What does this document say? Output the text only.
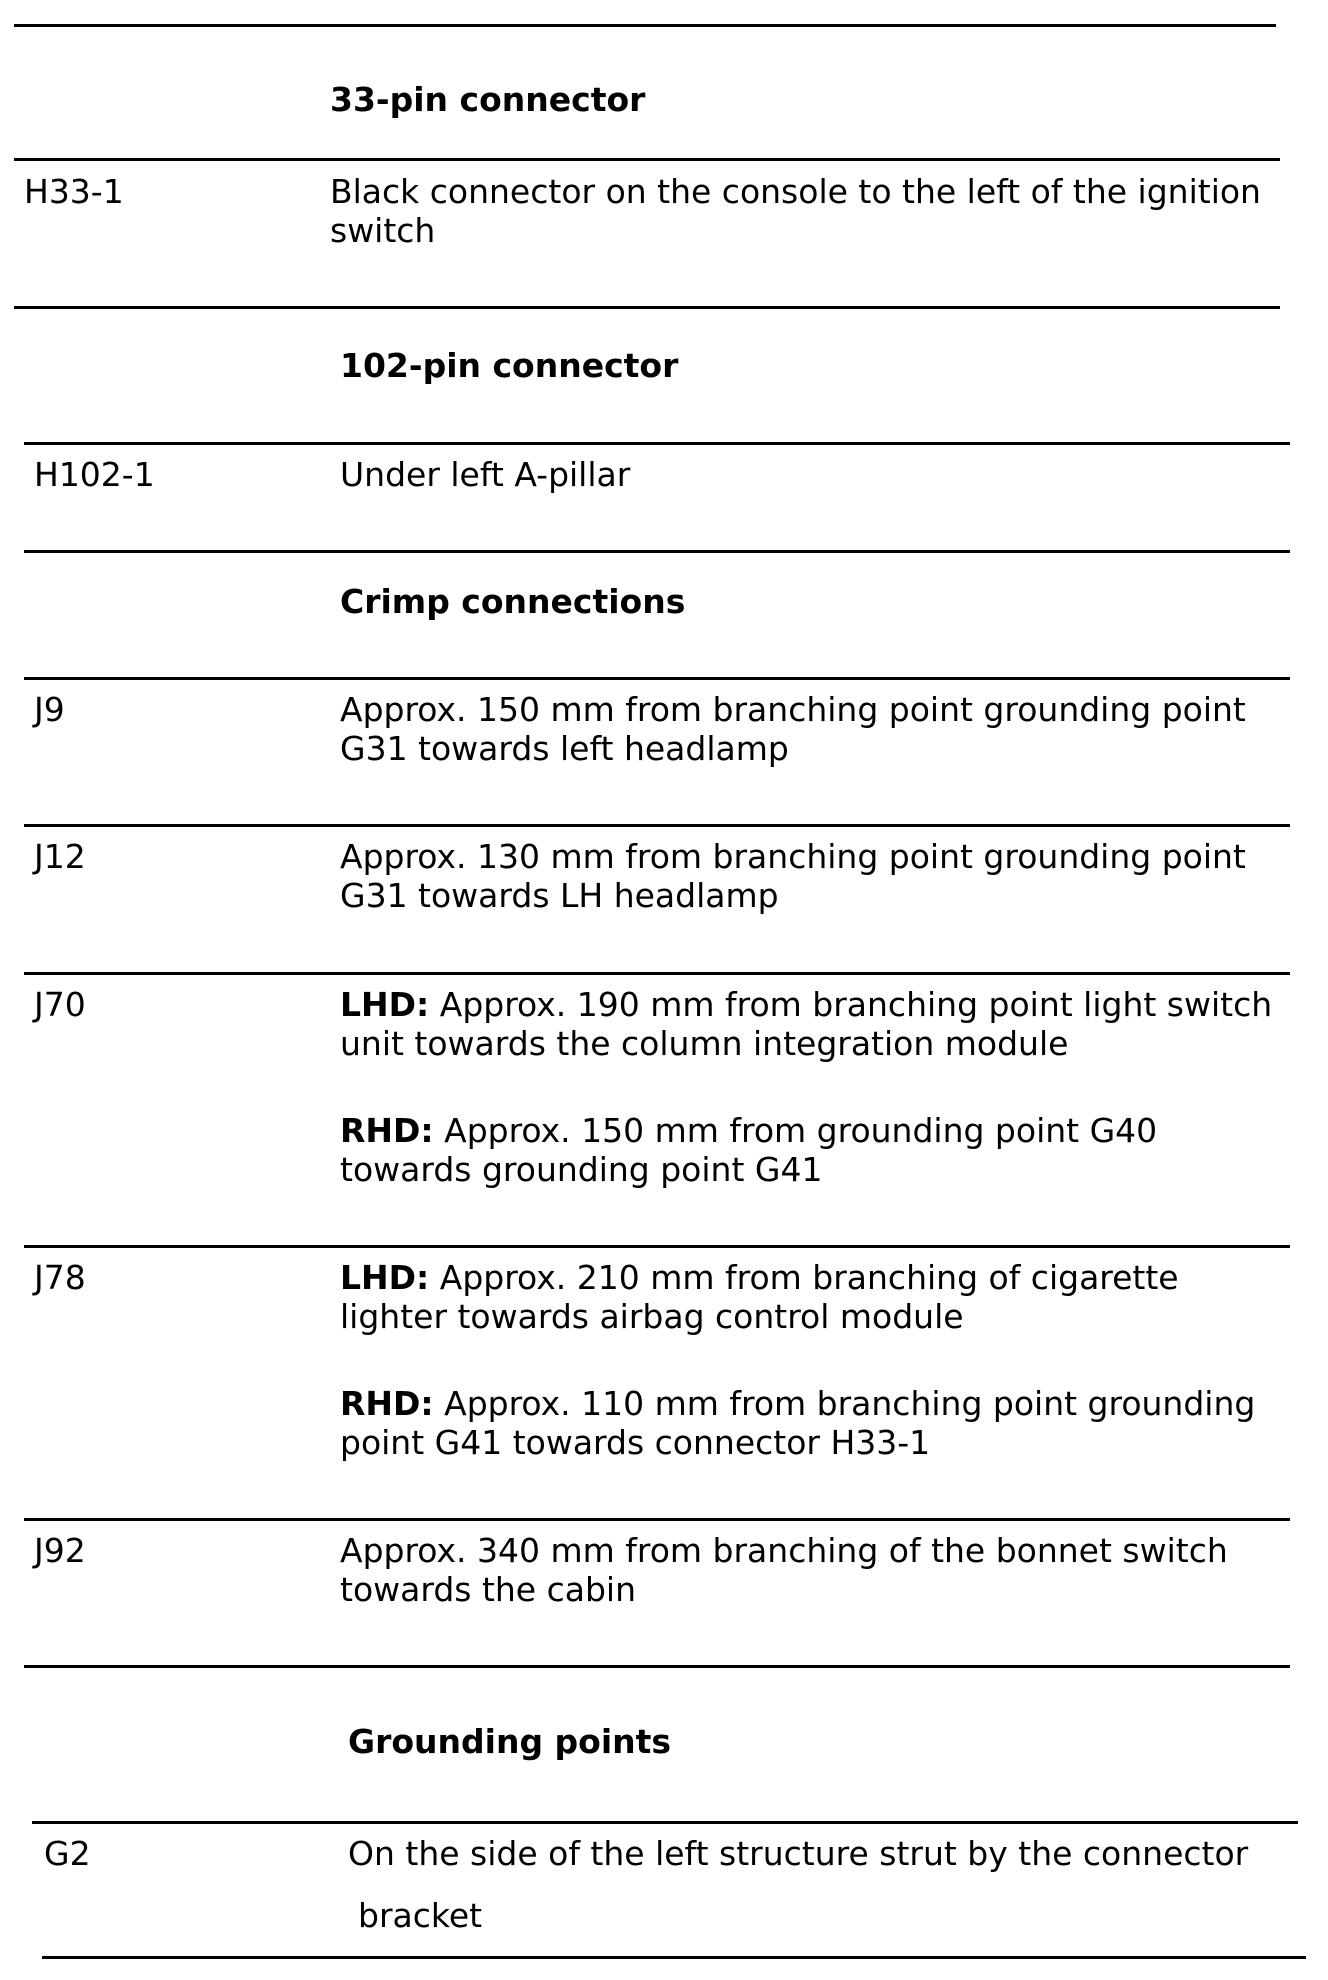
33-pin connector
H33-1	Black connector on the console to the left of the ignition
switch
102-pin connector
H102-1	Under left A-pillar
Crimp connections
J9	Approx. 150 mm from branching point grounding point
G31 towards left headlamp
J12	Approx. 130 mm from branching point grounding point
G31 towards LH headlamp
J70	LHD: Approx. 190 mm from branching point light switch
unit towards the column integration module
RHD: Approx. 150 mm from grounding point G40
towards grounding point G41
J78	LHD: Approx. 210 mm from branching of cigarette
lighter towards airbag control module
RHD: Approx. 110 mm from branching point grounding
point G41 towards connector H33-1
J92	Approx. 340 mm from branching of the bonnet switch
towards the cabin
Grounding points
G2	On the side of the left structure strut by the connector
bracket
